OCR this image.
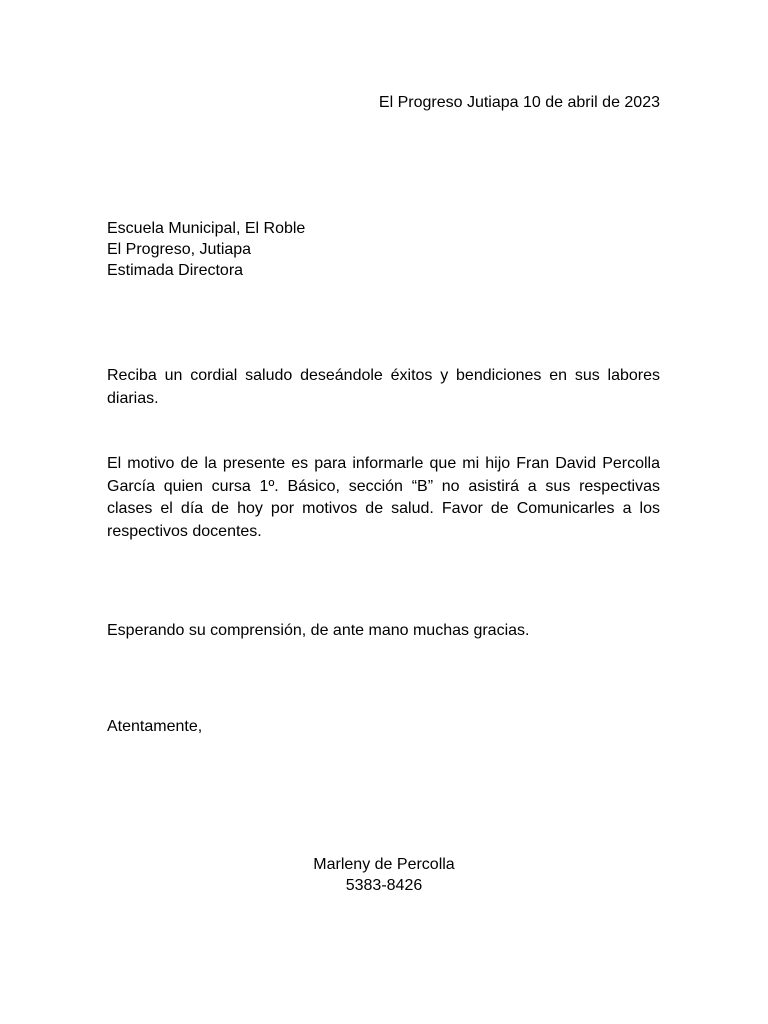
El Progreso Jutiapa 10 de abril de 2023
Escuela Municipal, El Roble
El Progreso, Jutiapa
Estimada Directora

Reciba un cordial saludo deseándole éxitos y bendiciones en sus labores diarias.

El motivo de la presente es para informarle que mi hijo Fran David Percolla García quien cursa 1º. Básico, sección “B” no asistirá a sus respectivas clases el día de hoy por motivos de salud. Favor de Comunicarles a los respectivos docentes.

Esperando su comprensión, de ante mano muchas gracias.

Atentamente,

Marleny de Percolla
5383-8426
